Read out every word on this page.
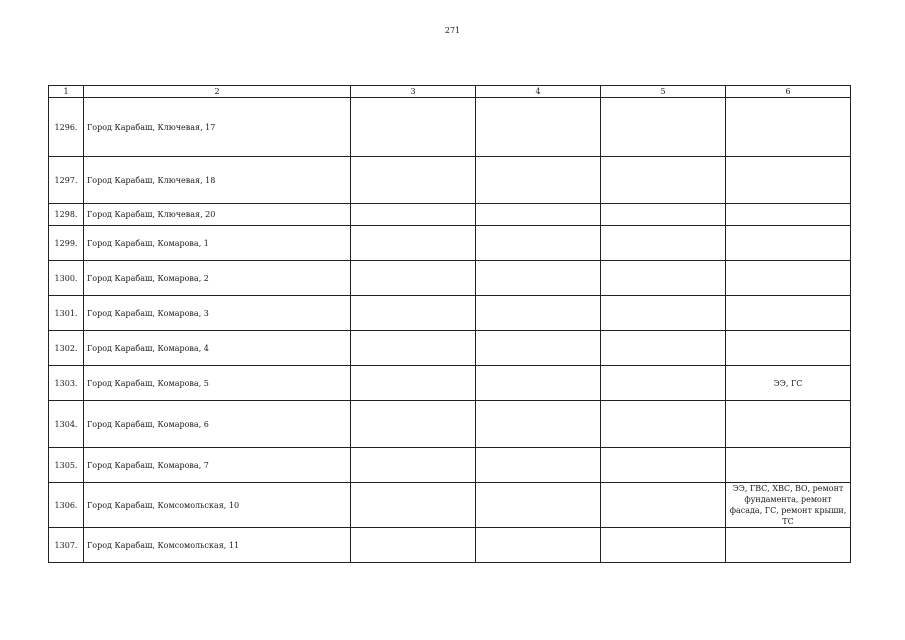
271
1	2	3	4	5	6
1296.	Город Карабаш, Ключевая, 17				
1297.	Город Карабаш, Ключевая, 18				
1298.	Город Карабаш, Ключевая, 20				
1299.	Город Карабаш, Комарова, 1				
1300.	Город Карабаш, Комарова, 2				
1301.	Город Карабаш, Комарова, 3				
1302.	Город Карабаш, Комарова, 4				
1303.	Город Карабаш, Комарова, 5				ЭЭ, ГС
1304.	Город Карабаш, Комарова, 6				
1305.	Город Карабаш, Комарова, 7				
1306.	Город Карабаш, Комсомольская, 10				ЭЭ, ГВС, ХВС, ВО, ремонт фундамента, ремонт фасада, ГС, ремонт крыши, ТС
1307.	Город Карабаш, Комсомольская, 11				
